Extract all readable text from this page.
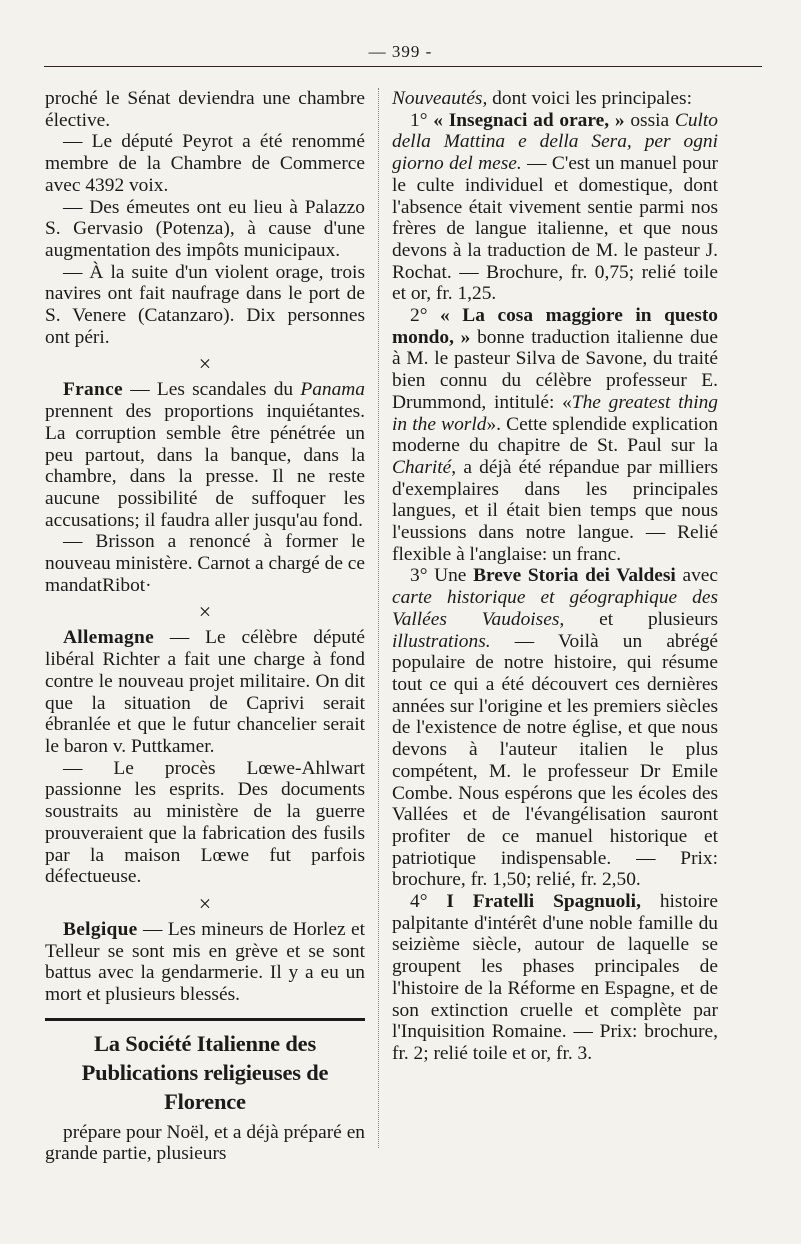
— 399 -

proché le Sénat deviendra une chambre élective.

— Le député Peyrot a été renommé membre de la Chambre de Commerce avec 4392 voix.

— Des émeutes ont eu lieu à Palazzo S. Gervasio (Potenza), à cause d'une augmentation des impôts municipaux.

— À la suite d'un violent orage, trois navires ont fait naufrage dans le port de S. Venere (Catanzaro). Dix personnes ont péri.

×

France — Les scandales du Panama prennent des proportions inquiétantes. La corruption semble être pénétrée un peu partout, dans la banque, dans la chambre, dans la presse. Il ne reste aucune possibilité de suffoquer les accusations; il faudra aller jusqu'au fond.

— Brisson a renoncé à former le nouveau ministère. Carnot a chargé de ce mandatRibot·

×

Allemagne — Le célèbre député libéral Richter a fait une charge à fond contre le nouveau projet militaire. On dit que la situation de Caprivi serait ébranlée et que le futur chancelier serait le baron v. Puttkamer.

— Le procès Lœwe-Ahlwart passionne les esprits. Des documents soustraits au ministère de la guerre prouveraient que la fabrication des fusils par la maison Lœwe fut parfois défectueuse.

×

Belgique — Les mineurs de Horlez et Telleur se sont mis en grève et se sont battus avec la gendarmerie. Il y a eu un mort et plusieurs blessés.

La Société Italienne des Publications religieuses de Florence

prépare pour Noël, et a déjà préparé en grande partie, plusieurs

Nouveautés, dont voici les principales:

1° « Insegnaci ad orare, » ossia Culto della Mattina e della Sera, per ogni giorno del mese. — C'est un manuel pour le culte individuel et domestique, dont l'absence était vivement sentie parmi nos frères de langue italienne, et que nous devons à la traduction de M. le pasteur J. Rochat. — Brochure, fr. 0,75; relié toile et or, fr. 1,25.

2° « La cosa maggiore in questo mondo, » bonne traduction italienne due à M. le pasteur Silva de Savone, du traité bien connu du célèbre professeur E. Drummond, intitulé: «The greatest thing in the world». Cette splendide explication moderne du chapitre de St. Paul sur la Charité, a déjà été répandue par milliers d'exemplaires dans les principales langues, et il était bien temps que nous l'eussions dans notre langue. — Relié flexible à l'anglaise: un franc.

3° Une Breve Storia dei Valdesi avec carte historique et géographique des Vallées Vaudoises, et plusieurs illustrations. — Voilà un abrégé populaire de notre histoire, qui résume tout ce qui a été découvert ces dernières années sur l'origine et les premiers siècles de l'existence de notre église, et que nous devons à l'auteur italien le plus compétent, M. le professeur Dr Emile Combe. Nous espérons que les écoles des Vallées et de l'évangélisation sauront profiter de ce manuel historique et patriotique indispensable. — Prix: brochure, fr. 1,50; relié, fr. 2,50.

4° I Fratelli Spagnuoli, histoire palpitante d'intérêt d'une noble famille du seizième siècle, autour de laquelle se groupent les phases principales de l'histoire de la Réforme en Espagne, et de son extinction cruelle et complète par l'Inquisition Romaine. — Prix: brochure, fr. 2; relié toile et or, fr. 3.
